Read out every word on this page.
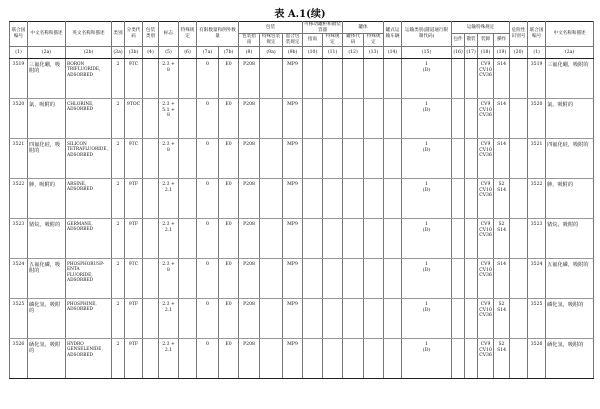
表 A.1(续)
联合国编号	中文名称和描述	英文名称和描述	类别	分类代码	包装类别	标志	特殊规定	有限数量和例外数量		包装			可移动罐柜和散装容器		罐体		罐式运输车辆	运输类别(隧道通行限制代码)	运输特殊规定				危险性识别号	联合国编号	中文名称和描述
										包装指南	特殊包装规定	混合包装规定	指南	特殊规定	罐体代码	特殊规定			包件	散装	装卸	操作			
(1)	(2a)	(2b)	(3a)	(3b)	(4)	(5)	(6)	(7a)	(7b)	(8)	(9a)	(9b)	(10)	(11)	(12)	(13)	(14)	(15)	(16)	(17)	(18)	(19)	(20)	(1)	(2a)
3519	三氟化硼，吸附的	BORON
TRIFLUORIDE,
ADSORBED	2	9TC		2.3 +
8		0	E0	P208		MP9						1
(D)			CV9
CV10
CV36	S14		3519	三氟化硼，吸附的
3520	氯，吸附的	CHLORINE,
ADSORBED	2	9TOC		2.3 +
5.1 +
8		0	E0	P208		MP9						1
(D)			CV9
CV10
CV36	S14		3520	氯，吸附的
3521	四氟化硅，吸附的	SILICON
TETRAFLUORIDE,
ADSORBED	2	9TC		2.3 +
8		0	E0	P208		MP9						1
(D)			CV9
CV10
CV36	S14		3521	四氟化硅，吸附的
3522	胂，吸附的	ARSINE,
ADSORBED	2	9TF		2.3 +
2.1		0	E0	P208		MP9						1
(D)			CV9
CV10
CV36	S2
S14		3522	胂，吸附的
3523	锗烷，吸附的	GERMANE,
ADSORBED	2	9TF		2.3 +
2.1		0	E0	P208		MP9						1
(D)			CV9
CV10
CV36	S2
S14		3523	锗烷，吸附的
3524	五氟化磷，吸附的	PHOSPHORUSP-
ENTA
FLUORIDE,
ADSORBED	2	9TC		2.3 +
8		0	E0	P208		MP9						1
(D)			CV9
CV10
CV36	S14		3524	五氟化磷，吸附的
3525	磷化氢，吸附的	PHOSPHINE,
ADSORBED	2	9TF		2.3 +
2.1		0	E0	P208		MP9						1
(D)			CV9
CV10
CV36	S2
S14		3525	磷化氢，吸附的
3526	硒化氢，吸附的	HYDRO
GENSELENIDE,
ADSORBED	2	9TF		2.3 +
2.1		0	E0	P208		MP9						1
(D)			CV9
CV10
CV36	S2
S14		3526	硒化氢，吸附的
